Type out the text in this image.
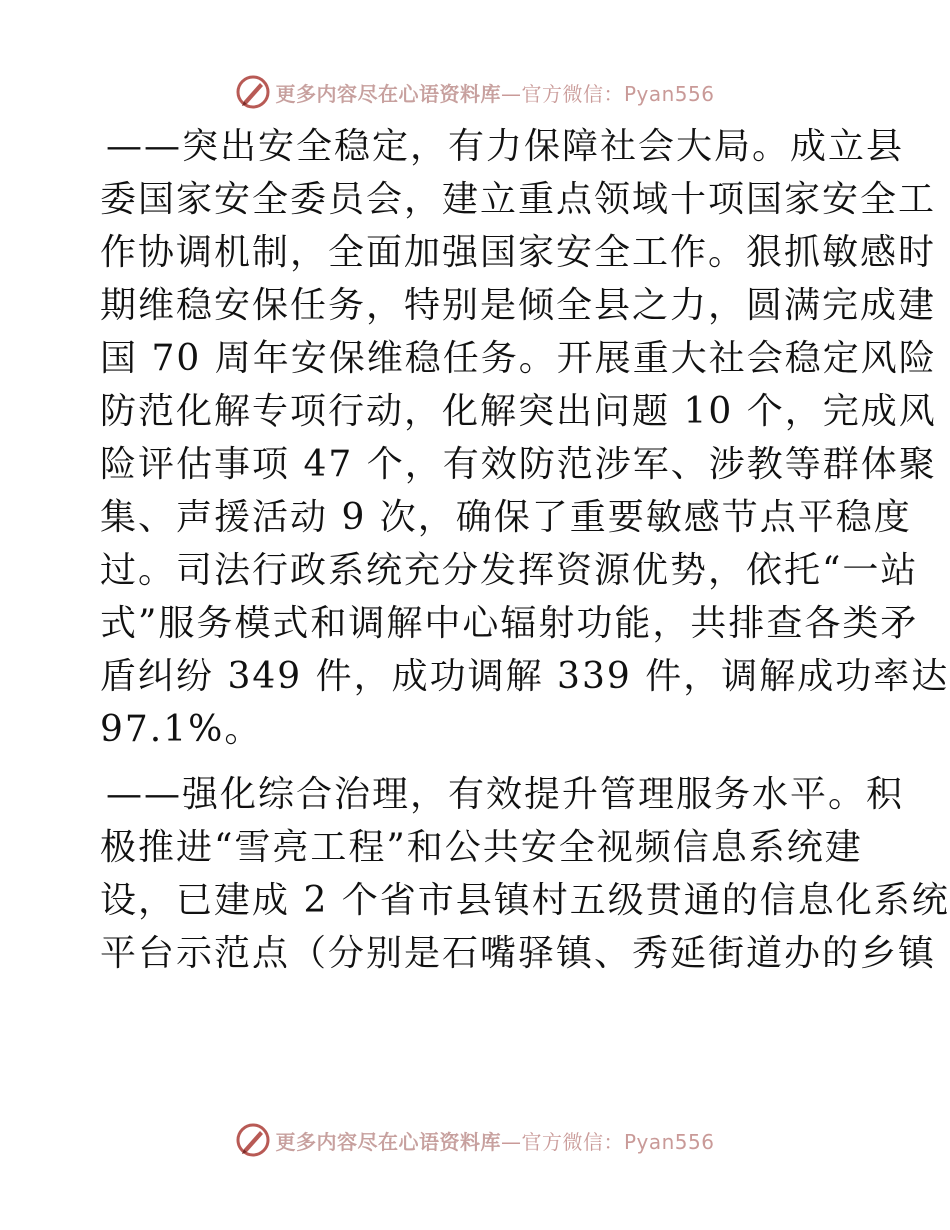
更多内容尽在心语资料库—官方微信：Pyan556
——突出安全稳定，有力保障社会大局。成立县
委国家安全委员会，建立重点领域十项国家安全工
作协调机制，全面加强国家安全工作。狠抓敏感时
期维稳安保任务，特别是倾全县之力，圆满完成建
国 70 周年安保维稳任务。开展重大社会稳定风险
防范化解专项行动，化解突出问题 10 个，完成风
险评估事项 47 个，有效防范涉军、涉教等群体聚
集、声援活动 9 次，确保了重要敏感节点平稳度
过。司法行政系统充分发挥资源优势，依托“一站
式”服务模式和调解中心辐射功能，共排查各类矛
盾纠纷 349 件，成功调解 339 件，调解成功率达
97.1%。
——强化综合治理，有效提升管理服务水平。积
极推进“雪亮工程”和公共安全视频信息系统建
设，已建成 2 个省市县镇村五级贯通的信息化系统
平台示范点（分别是石嘴驿镇、秀延街道办的乡镇
更多内容尽在心语资料库—官方微信：Pyan556
